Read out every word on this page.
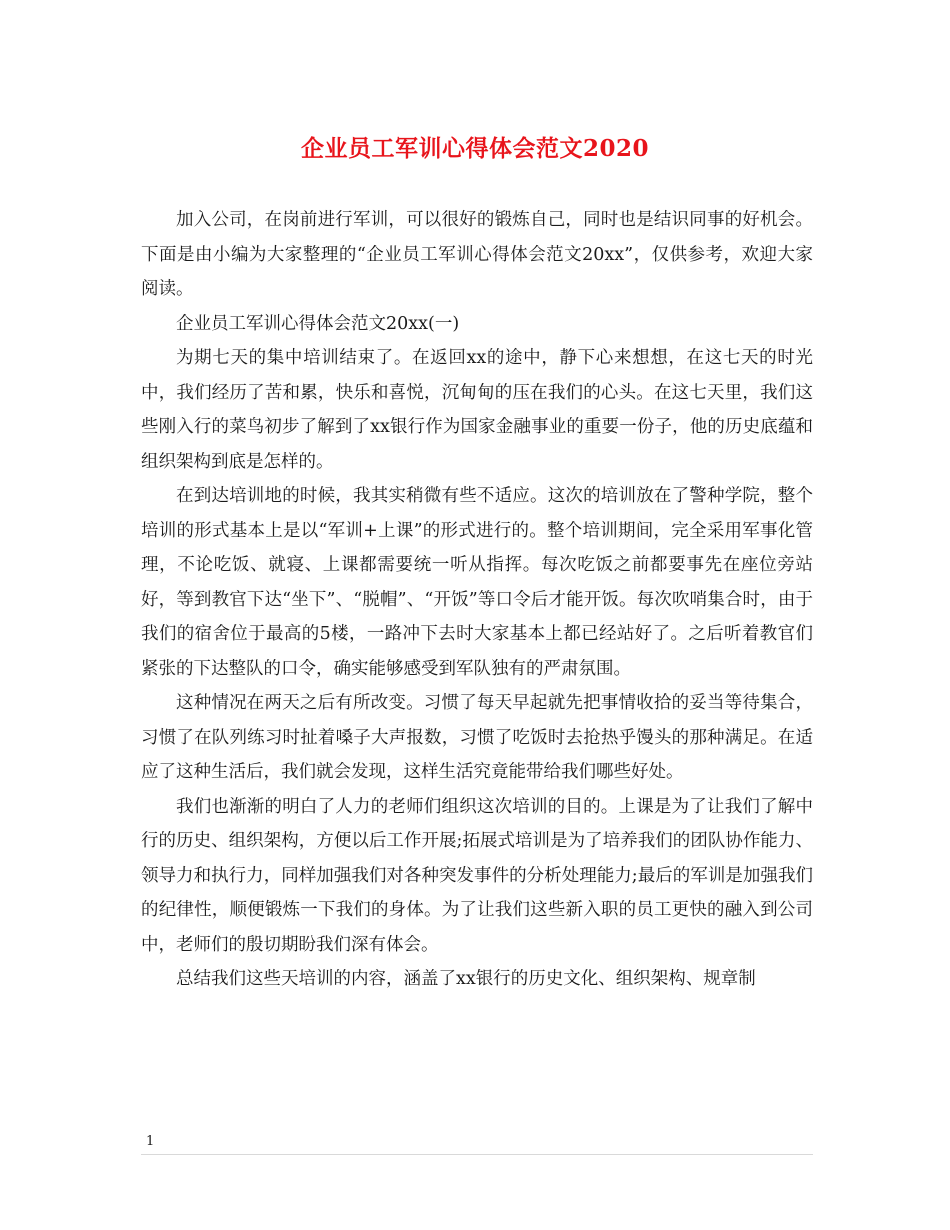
企业员工军训心得体会范文2020

加入公司，在岗前进行军训，可以很好的锻炼自己，同时也是结识同事的好机会。下面是由小编为大家整理的“企业员工军训心得体会范文20xx”，仅供参考，欢迎大家阅读。

企业员工军训心得体会范文20xx(一)

为期七天的集中培训结束了。在返回xx的途中，静下心来想想，在这七天的时光中，我们经历了苦和累，快乐和喜悦，沉甸甸的压在我们的心头。在这七天里，我们这些刚入行的菜鸟初步了解到了xx银行作为国家金融事业的重要一份子，他的历史底蕴和组织架构到底是怎样的。

在到达培训地的时候，我其实稍微有些不适应。这次的培训放在了警种学院，整个培训的形式基本上是以“军训+上课”的形式进行的。整个培训期间，完全采用军事化管理，不论吃饭、就寝、上课都需要统一听从指挥。每次吃饭之前都要事先在座位旁站好，等到教官下达“坐下”、“脱帽”、“开饭”等口令后才能开饭。每次吹哨集合时，由于我们的宿舍位于最高的5楼，一路冲下去时大家基本上都已经站好了。之后听着教官们紧张的下达整队的口令，确实能够感受到军队独有的严肃氛围。

这种情况在两天之后有所改变。习惯了每天早起就先把事情收拾的妥当等待集合，习惯了在队列练习时扯着嗓子大声报数，习惯了吃饭时去抢热乎馒头的那种满足。在适应了这种生活后，我们就会发现，这样生活究竟能带给我们哪些好处。

我们也渐渐的明白了人力的老师们组织这次培训的目的。上课是为了让我们了解中行的历史、组织架构，方便以后工作开展;拓展式培训是为了培养我们的团队协作能力、领导力和执行力，同样加强我们对各种突发事件的分析处理能力;最后的军训是加强我们的纪律性，顺便锻炼一下我们的身体。为了让我们这些新入职的员工更快的融入到公司中，老师们的殷切期盼我们深有体会。

总结我们这些天培训的内容，涵盖了xx银行的历史文化、组织架构、规章制

1
